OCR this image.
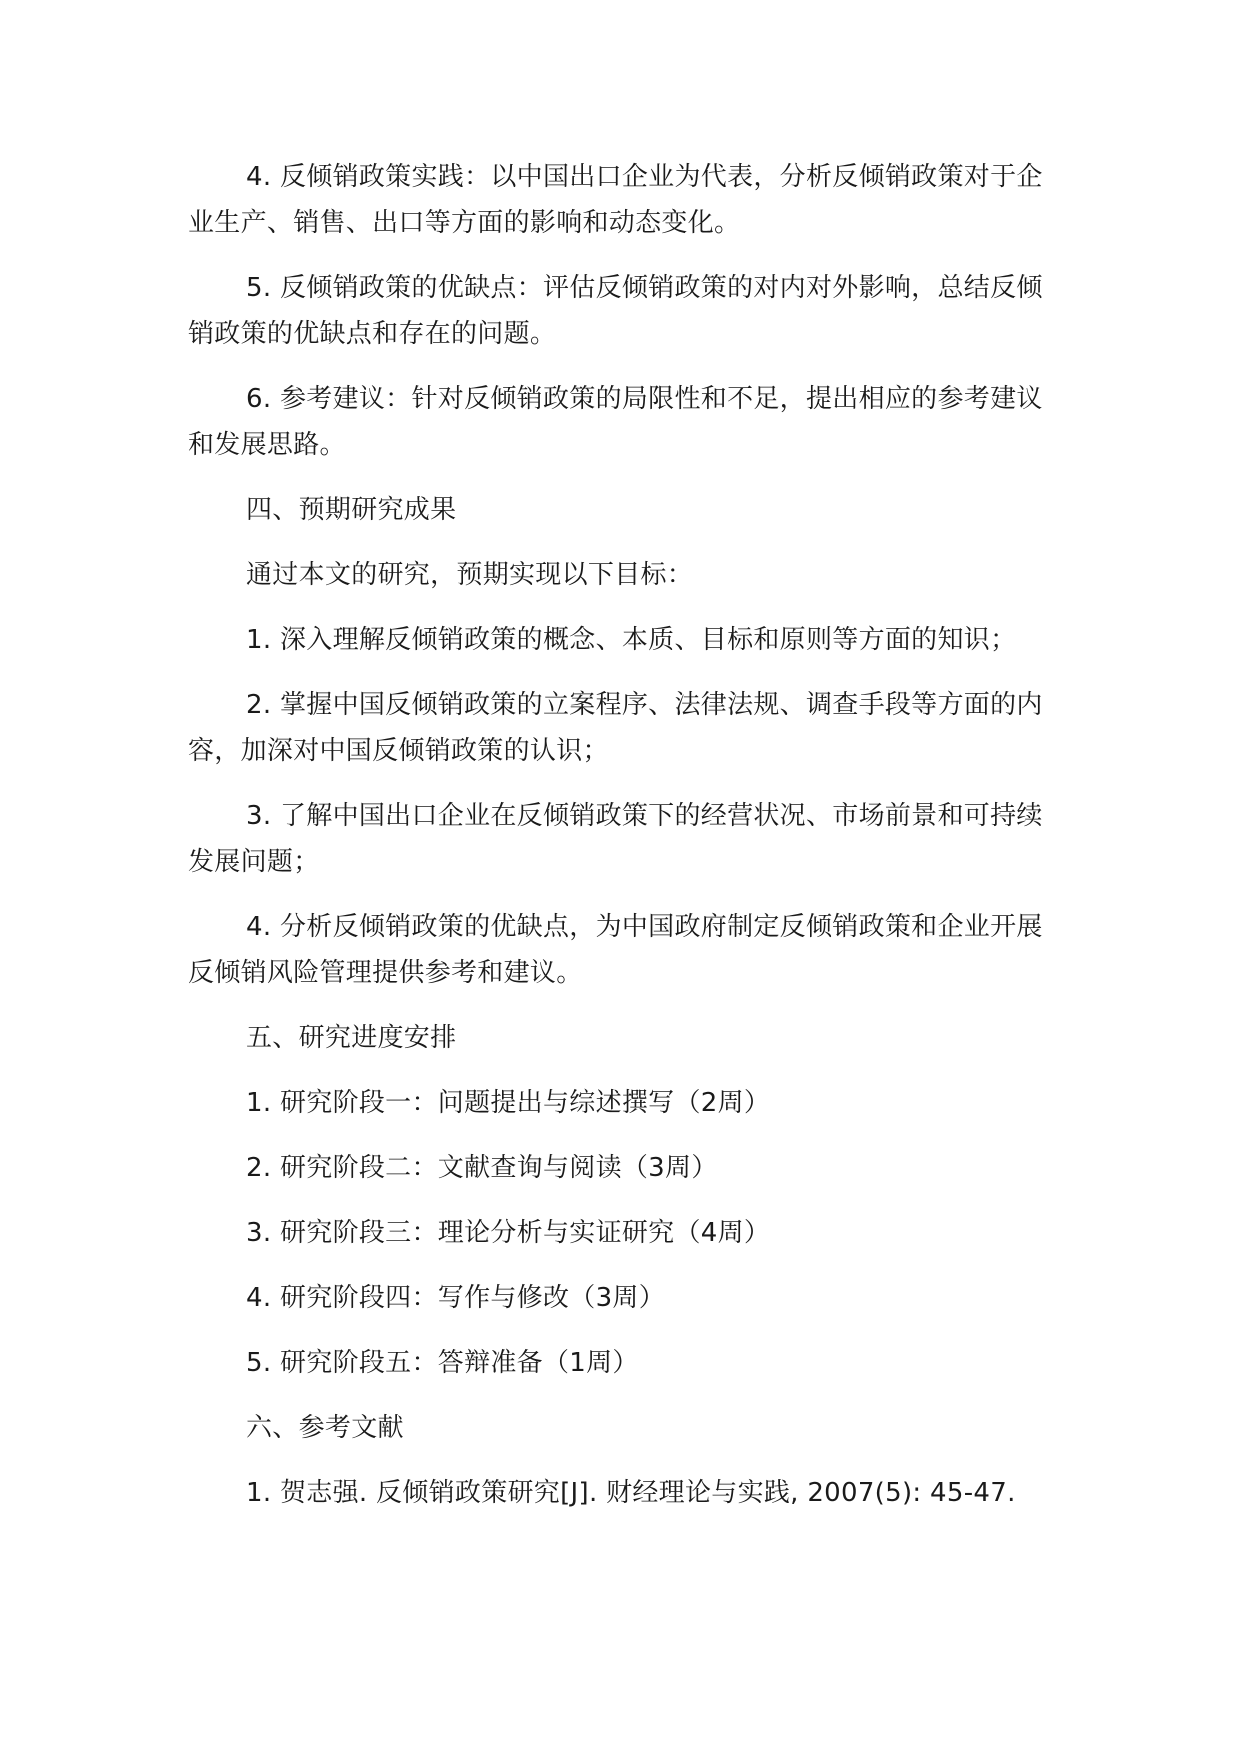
4. 反倾销政策实践：以中国出口企业为代表，分析反倾销政策对于企业生产、销售、出口等方面的影响和动态变化。

5. 反倾销政策的优缺点：评估反倾销政策的对内对外影响，总结反倾销政策的优缺点和存在的问题。

6. 参考建议：针对反倾销政策的局限性和不足，提出相应的参考建议和发展思路。

四、预期研究成果

通过本文的研究，预期实现以下目标：

1. 深入理解反倾销政策的概念、本质、目标和原则等方面的知识；

2. 掌握中国反倾销政策的立案程序、法律法规、调查手段等方面的内容，加深对中国反倾销政策的认识；

3. 了解中国出口企业在反倾销政策下的经营状况、市场前景和可持续发展问题；

4. 分析反倾销政策的优缺点，为中国政府制定反倾销政策和企业开展反倾销风险管理提供参考和建议。

五、研究进度安排

1. 研究阶段一：问题提出与综述撰写（2周）

2. 研究阶段二：文献查询与阅读（3周）

3. 研究阶段三：理论分析与实证研究（4周）

4. 研究阶段四：写作与修改（3周）

5. 研究阶段五：答辩准备（1周）

六、参考文献

1. 贺志强. 反倾销政策研究[J]. 财经理论与实践, 2007(5): 45-47.
